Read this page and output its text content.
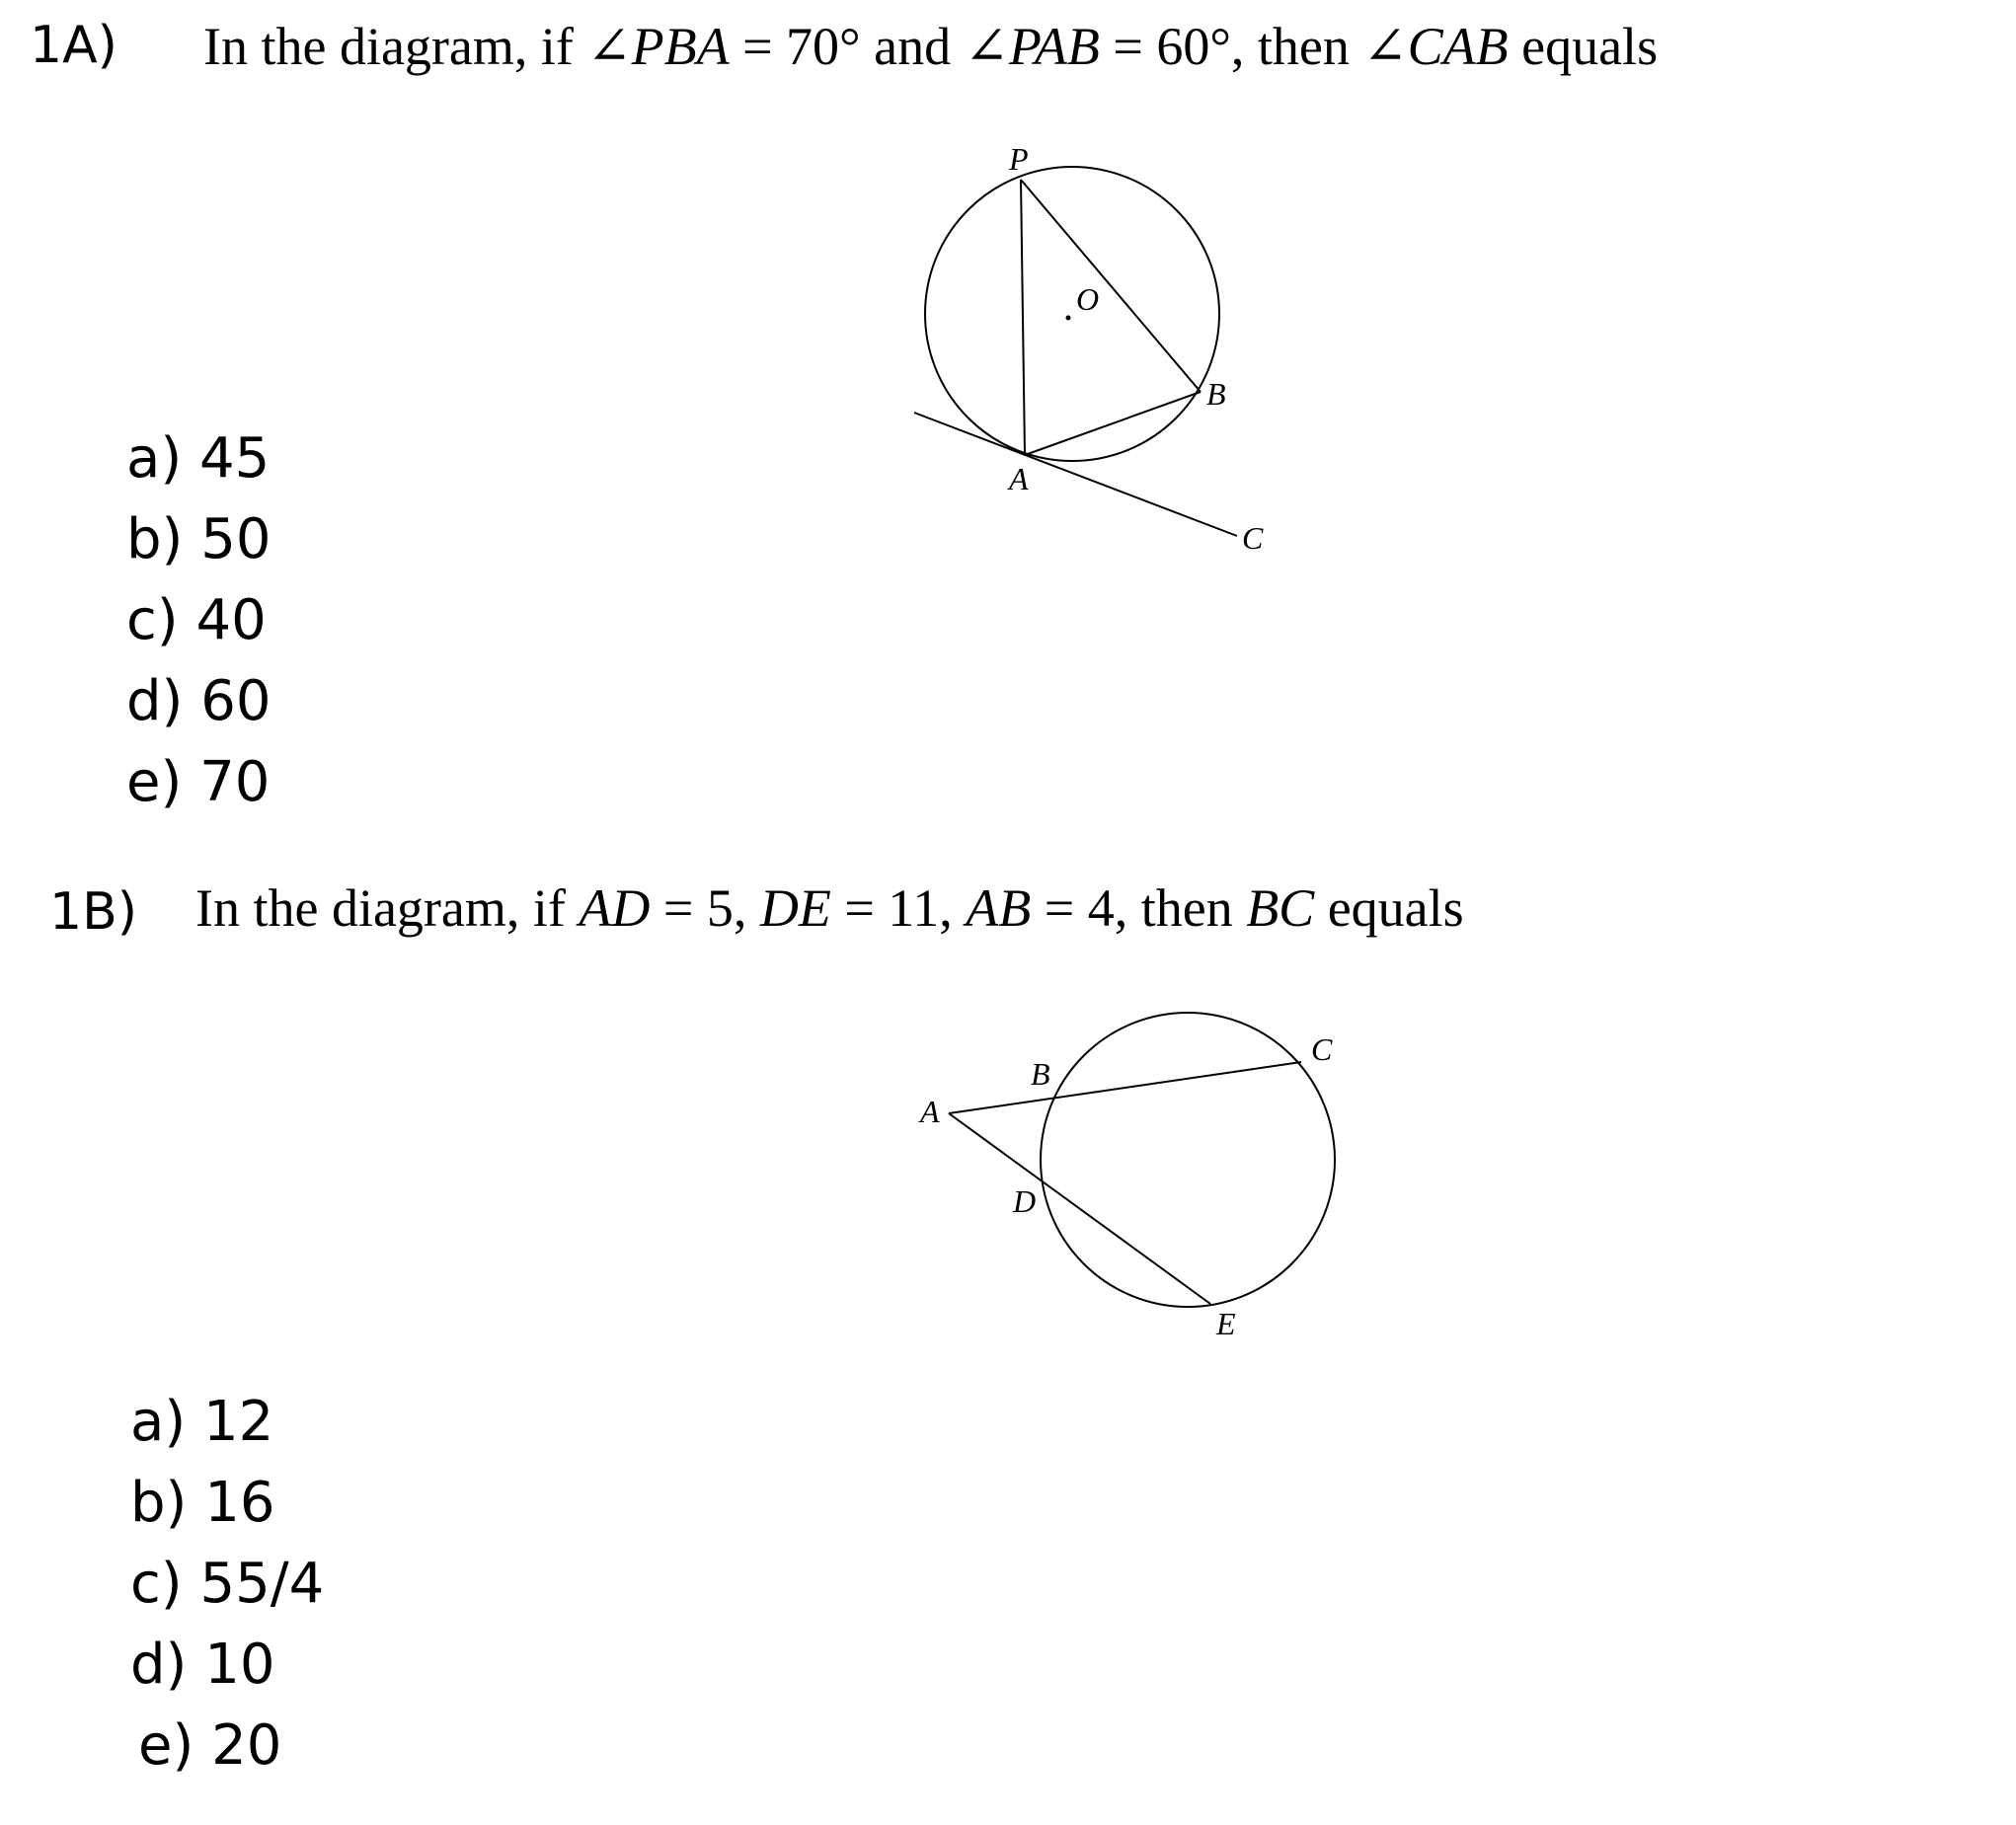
1A) In the diagram, if ∠PBA = 70° and ∠PAB = 60°, then ∠CAB equals
P
O
B
A
C
a) 45
b) 50
c) 40
d) 60
e) 70
1B) In the diagram, if AD = 5, DE = 11, AB = 4, then BC equals
A
B
C
D
E
a) 12
b) 16
c) 55/4
d) 10
e) 20
